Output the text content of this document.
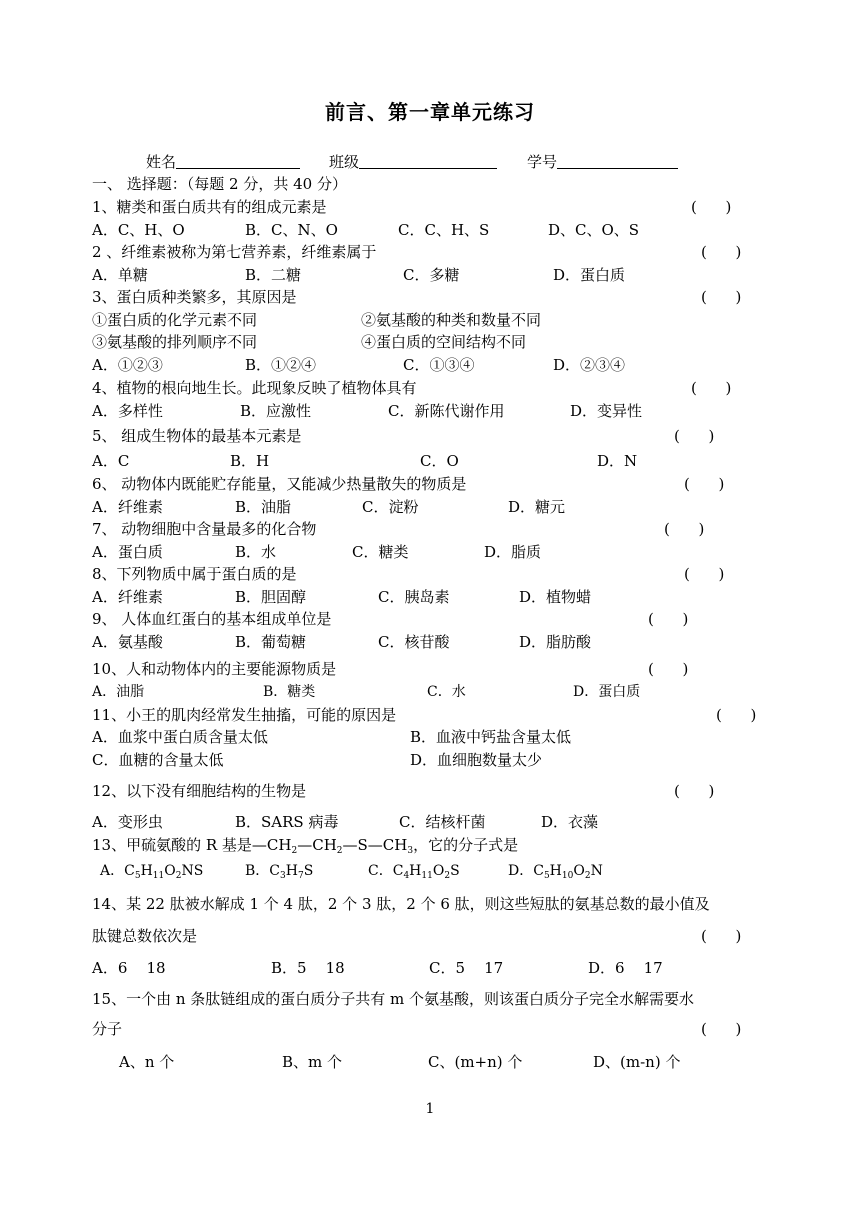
前言、第一章单元练习
姓名	班级	学号
一、 选择题：（每题 2 分，共 40 分）
1、糖类和蛋白质共有的组成元素是	(      )
A．C、H、O	B．C、N、O	C．C、H、S	D、C、O、S
2 、纤维素被称为第七营养素，纤维素属于	(      )
A．单糖	B．二糖	C．多糖	D．蛋白质
3、蛋白质种类繁多，其原因是	(      )
①蛋白质的化学元素不同	②氨基酸的种类和数量不同
③氨基酸的排列顺序不同	④蛋白质的空间结构不同
A．①②③	B．①②④	C．①③④	D．②③④
4、植物的根向地生长。此现象反映了植物体具有	(      )
A．多样性	B．应激性	C．新陈代谢作用	D．变异性
5、 组成生物体的最基本元素是	(      )
A．C	B．H	C．O	D．N
6、 动物体内既能贮存能量，又能减少热量散失的物质是	(      )
A．纤维素	B．油脂	C．淀粉	D．糖元
7、 动物细胞中含量最多的化合物	(      )
A．蛋白质	B．水	C．糖类	D．脂质
8、下列物质中属于蛋白质的是	(      )
A．纤维素	B．胆固醇	C．胰岛素	D．植物蜡
9、 人体血红蛋白的基本组成单位是	(      )
A．氨基酸	B．葡萄糖	C．核苷酸	D．脂肪酸
10、人和动物体内的主要能源物质是	(      )
A．油脂	B．糖类	C．水	D．蛋白质
11、小王的肌肉经常发生抽搐，可能的原因是	(      )
A．血浆中蛋白质含量太低	B．血液中钙盐含量太低
C．血糖的含量太低	D．血细胞数量太少
12、以下没有细胞结构的生物是	(      )
A．变形虫	B．SARS 病毒	C．结核杆菌	D．衣藻
13、甲硫氨酸的 R 基是$—CH_2—CH_2—S—CH_3$，它的分子式是
A．$C_5H_{11}O_2NS$	B．$C_3H_7S$	C．$C_4H_{11}O_2S$	D．$C_5H_{10}O_2N$
14、某 22 肽被水解成 1 个 4 肽，2 个 3 肽，2 个 6 肽，则这些短肽的氨基总数的最小值及
肽键总数依次是	(      )
A．6    18	B．5    18	C．5    17	D．6    17
15、一个由 n 条肽链组成的蛋白质分子共有 m 个氨基酸，则该蛋白质分子完全水解需要水
分子	(      )
A、n 个	B、m 个	C、(m+n) 个	D、(m-n) 个
1
